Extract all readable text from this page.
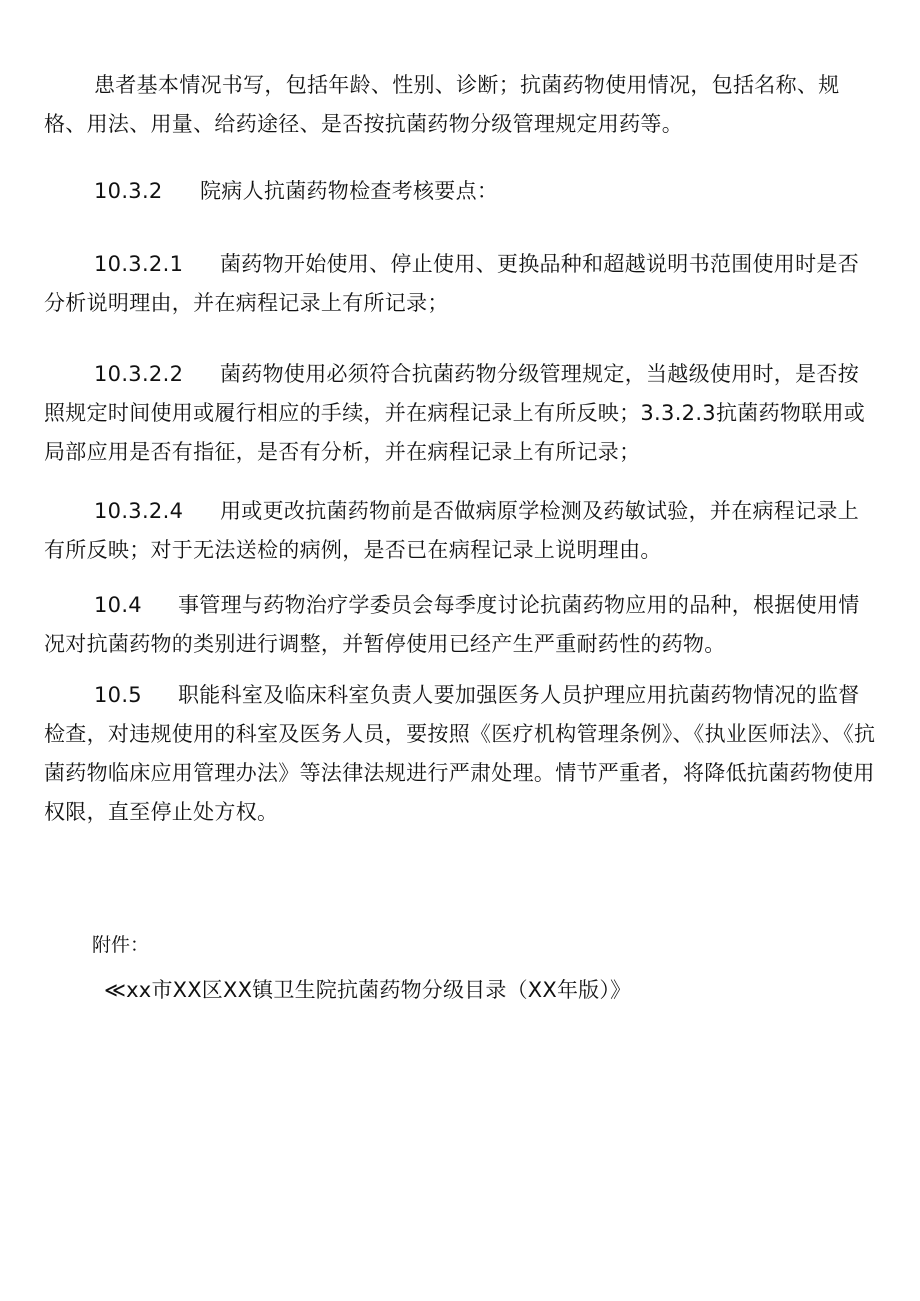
患者基本情况书写，包括年龄、性别、诊断；抗菌药物使用情况，包括名称、规格、用法、用量、给药途径、是否按抗菌药物分级管理规定用药等。

10.3.2 院病人抗菌药物检查考核要点：

10.3.2.1 菌药物开始使用、停止使用、更换品种和超越说明书范围使用时是否分析说明理由，并在病程记录上有所记录；

10.3.2.2 菌药物使用必须符合抗菌药物分级管理规定，当越级使用时，是否按照规定时间使用或履行相应的手续，并在病程记录上有所反映；3.3.2.3抗菌药物联用或局部应用是否有指征，是否有分析，并在病程记录上有所记录；

10.3.2.4 用或更改抗菌药物前是否做病原学检测及药敏试验，并在病程记录上有所反映；对于无法送检的病例，是否已在病程记录上说明理由。

10.4 事管理与药物治疗学委员会每季度讨论抗菌药物应用的品种，根据使用情况对抗菌药物的类别进行调整，并暂停使用已经产生严重耐药性的药物。

10.5 职能科室及临床科室负责人要加强医务人员护理应用抗菌药物情况的监督检查，对违规使用的科室及医务人员，要按照《医疗机构管理条例》、《执业医师法》、《抗菌药物临床应用管理办法》等法律法规进行严肃处理。情节严重者，将降低抗菌药物使用权限，直至停止处方权。

附件：

≪xx市XX区XX镇卫生院抗菌药物分级目录（XX年版）》
